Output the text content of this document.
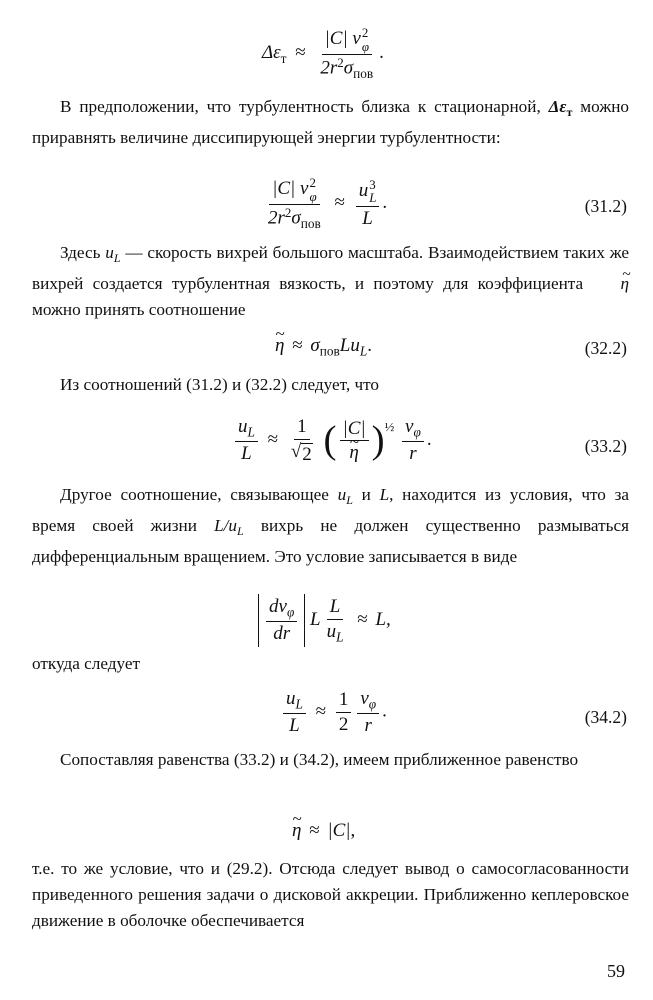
$\Delta\varepsilon_т \approx |C|$ v 2
φ
$2r^2\sigma_{пов}$ .

В предположении, что турбулентность близка к стационарной, $\Delta\varepsilon_т$ можно приравнять величине диссипирующей энергии турбулентности:

|C| v 2
φ
$2r^2\sigma_{пов} \approx u$ 3
L
L .	(31.2)

Здесь $u_L$ — скорость вихрей большого масштаба. Взаимодействием таких же вихрей создается турбулентная вязкость, и поэтому для коэффициента ~ η можно принять соотношение

~ $\eta \approx \sigma_{пов}Lu_L$.	(32.2)

Из соотношений (31.2) и (32.2) следует, что

$\frac{u_L}{L} \approx \frac{1}{√ 2}$ ( |C|
~ η )$^{\frac{1}{2}} \frac{v_\varphi}{r}$ .	(33.2)

Другое соотношение, связывающее $u_L$ и L, находится из условия, что за время своей жизни $L/u_L$ вихрь не должен существенно размываться дифференциальным вращением. Это условие записывается в виде

$\frac{dv_\varphi}{dr}$ L $\frac{L}{u_L} \approx L$,

откуда следует

$\frac{u_L}{L} \approx \frac{1}{2} \frac{v_\varphi}{r}$ .	(34.2)

Сопоставляя равенства (33.2) и (34.2), имеем приближенное равенство

~ η ≈ |C|,

т.е. то же условие, что и (29.2). Отсюда следует вывод о самосогласованности приведенного решения задачи о дисковой аккреции. Приближенно кеплеровское движение в оболочке обеспечивается

59
